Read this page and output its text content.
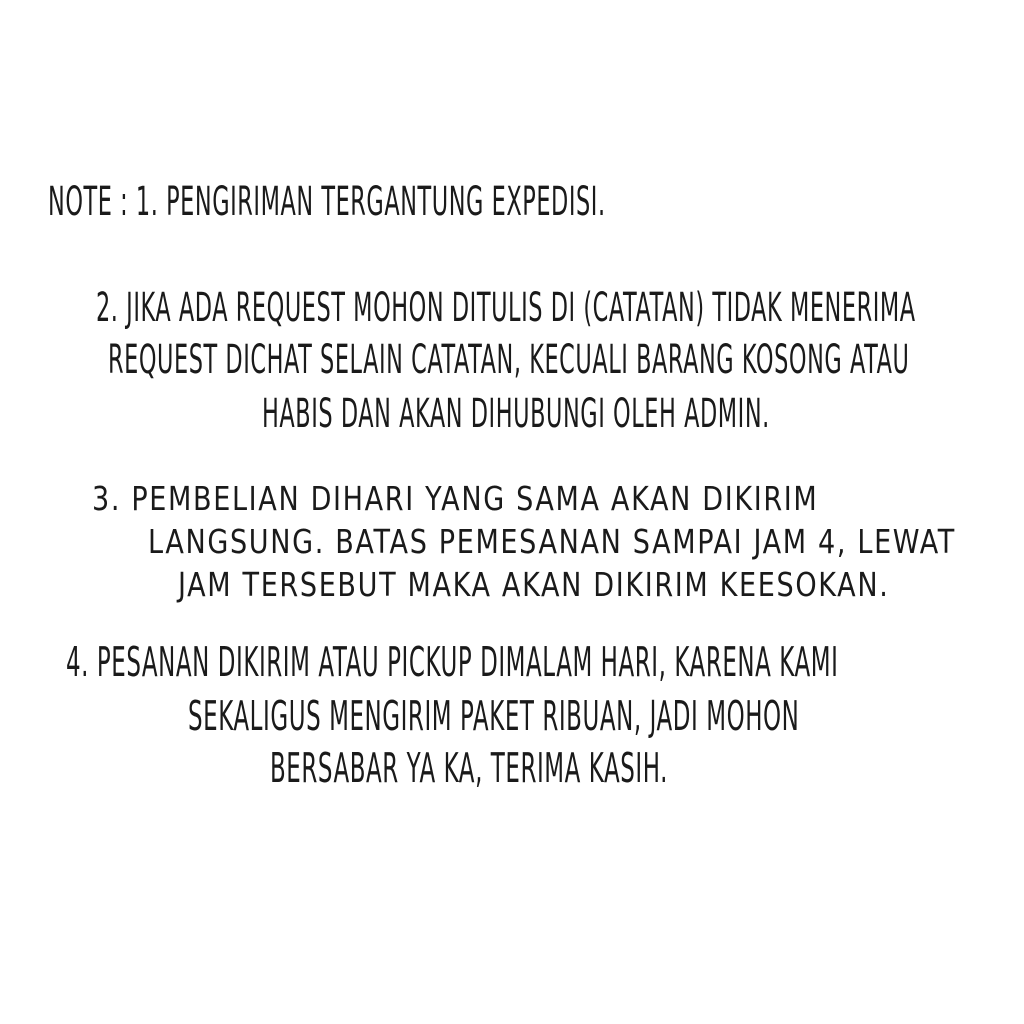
NOTE : 1. PENGIRIMAN TERGANTUNG EXPEDISI.

2. JIKA ADA REQUEST MOHON DITULIS DI (CATATAN) TIDAK MENERIMA

REQUEST DICHAT SELAIN CATATAN, KECUALI BARANG KOSONG ATAU

HABIS DAN AKAN DIHUBUNGI OLEH ADMIN.

3. PEMBELIAN DIHARI YANG SAMA AKAN DIKIRIM

LANGSUNG. BATAS PEMESANAN SAMPAI JAM 4, LEWAT

JAM TERSEBUT MAKA AKAN DIKIRIM KEESOKAN.

4. PESANAN DIKIRIM ATAU PICKUP DIMALAM HARI, KARENA KAMI

SEKALIGUS MENGIRIM PAKET RIBUAN, JADI MOHON

BERSABAR YA KA, TERIMA KASIH.
